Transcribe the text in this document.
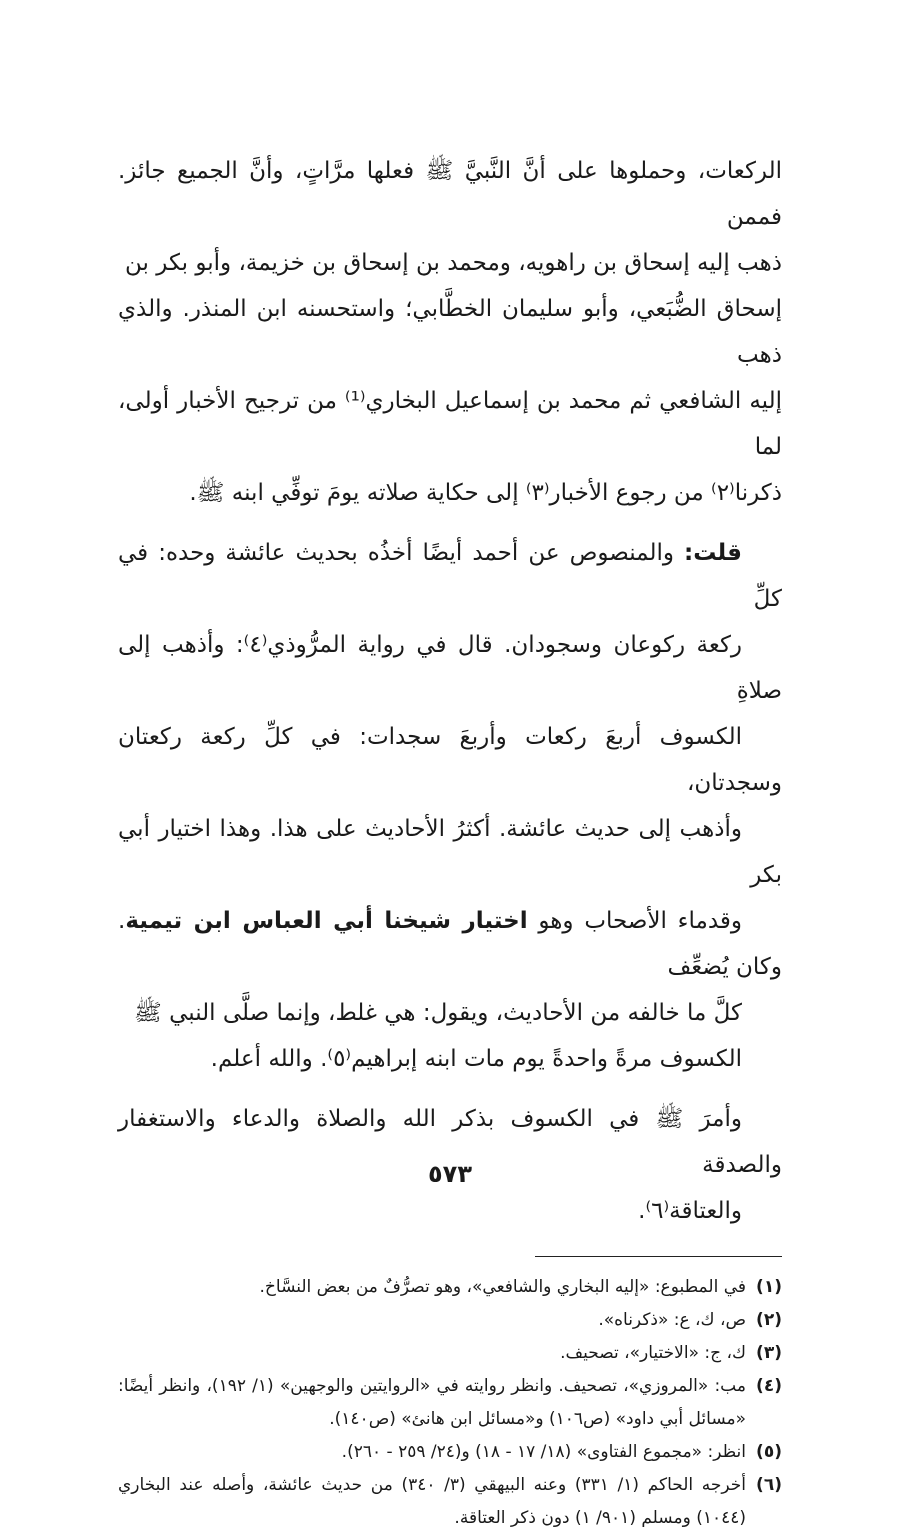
الركعات، وحملوها على أنَّ النَّبيَّ ﷺ فعلها مرَّاتٍ، وأنَّ الجميع جائز. فممن
ذهب إليه إسحاق بن راهويه، ومحمد بن إسحاق بن خزيمة، وأبو بكر بن
إسحاق الضُّبَعي، وأبو سليمان الخطَّابي؛ واستحسنه ابن المنذر. والذي ذهب
إليه الشافعي ثم محمد بن إسماعيل البخاري⁽¹⁾ من ترجيح الأخبار أولى، لما
ذكرنا⁽٢⁾ من رجوع الأخبار⁽٣⁾ إلى حكاية صلاته يومَ توفِّي ابنه ﷺ.

قلت: والمنصوص عن أحمد أيضًا أخذُه بحديث عائشة وحده: في كلِّ
ركعة ركوعان وسجودان. قال في رواية المرُّوذي⁽٤⁾: وأذهب إلى صلاةِ
الكسوف أربعَ ركعات وأربعَ سجدات: في كلِّ ركعة ركعتان وسجدتان،
وأذهب إلى حديث عائشة. أكثرُ الأحاديث على هذا. وهذا اختيار أبي بكر
وقدماء الأصحاب وهو اختيار شيخنا أبي العباس ابن تيمية. وكان يُضعِّف
كلَّ ما خالفه من الأحاديث، ويقول: هي غلط، وإنما صلَّى النبي ﷺ
الكسوف مرةً واحدةً يوم مات ابنه إبراهيم⁽٥⁾. والله أعلم.

وأمرَ ﷺ في الكسوف بذكر الله والصلاة والدعاء والاستغفار والصدقة
والعتاقة⁽٦⁾.

(١)
في المطبوع: «إليه البخاري والشافعي»، وهو تصرُّفٌ من بعض النسَّاخ.
(٢)
ص، ك، ع: «ذكرناه».
(٣)
ك، ج: «الاختيار»، تصحيف.
(٤)
مب: «المروزي»، تصحيف. وانظر روايته في «الروايتين والوجهين» (١/ ١٩٢)، وانظر أيضًا: «مسائل أبي داود» (ص١٠٦) و«مسائل ابن هانئ» (ص١٤٠).
(٥)
انظر: «مجموع الفتاوى» (١٨/ ١٧ - ١٨) و(٢٤/ ٢٥٩ - ٢٦٠).
(٦)
أخرجه الحاكم (١/ ٣٣١) وعنه البيهقي (٣/ ٣٤٠) من حديث عائشة، وأصله عند البخاري (١٠٤٤) ومسلم (٩٠١/ ١) دون ذكر العتاقة.
٥٧٣
